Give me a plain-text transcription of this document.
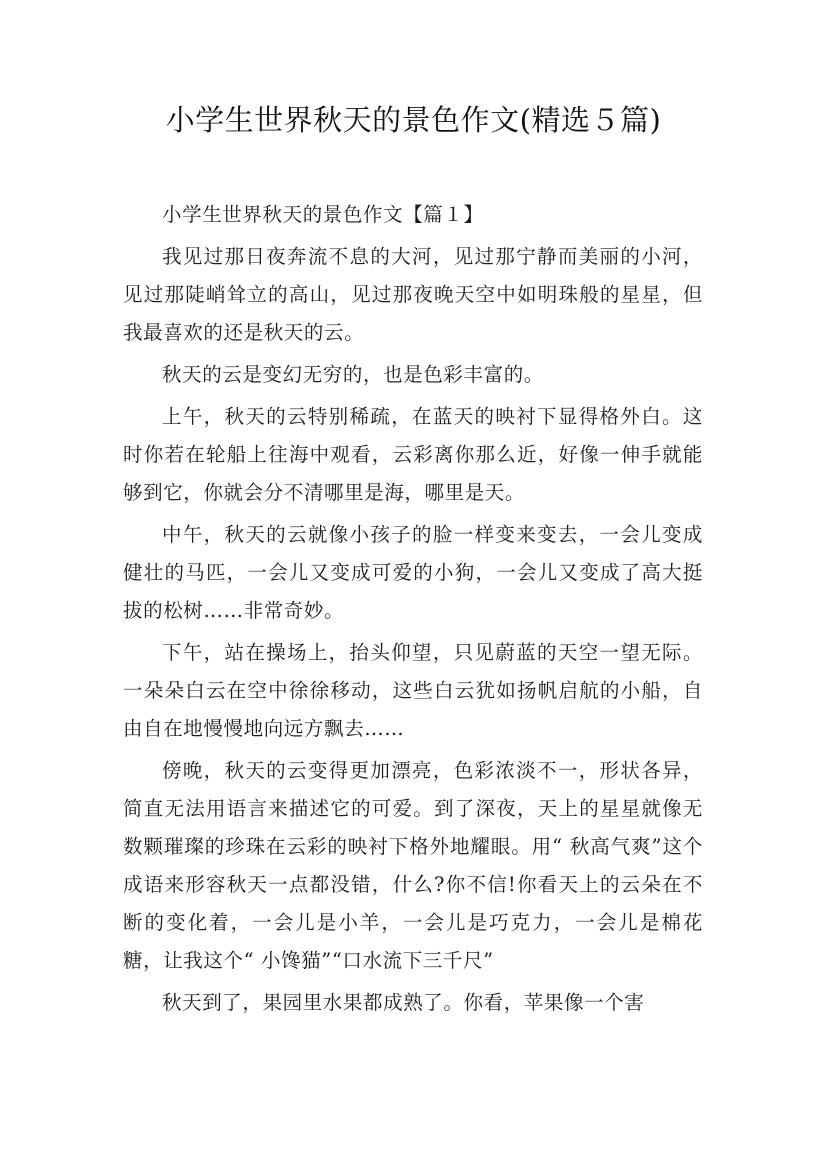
小学生世界秋天的景色作文(精选５篇)
小学生世界秋天的景色作文【篇１】

我见过那日夜奔流不息的大河，见过那宁静而美丽的小河，见过那陡峭耸立的高山，见过那夜晚天空中如明珠般的星星，但我最喜欢的还是秋天的云。

秋天的云是变幻无穷的，也是色彩丰富的。

上午，秋天的云特别稀疏，在蓝天的映衬下显得格外白。这时你若在轮船上往海中观看，云彩离你那么近，好像一伸手就能够到它，你就会分不清哪里是海，哪里是天。

中午，秋天的云就像小孩子的脸一样变来变去，一会儿变成健壮的马匹，一会儿又变成可爱的小狗，一会儿又变成了高大挺拔的松树……非常奇妙。

下午，站在操场上，抬头仰望，只见蔚蓝的天空一望无际。一朵朵白云在空中徐徐移动，这些白云犹如扬帆启航的小船，自由自在地慢慢地向远方飘去……

傍晚，秋天的云变得更加漂亮，色彩浓淡不一，形状各异，简直无法用语言来描述它的可爱。到了深夜，天上的星星就像无数颗璀璨的珍珠在云彩的映衬下格外地耀眼。用“ 秋高气爽”这个成语来形容秋天一点都没错，什么?你不信!你看天上的云朵在不断的变化着，一会儿是小羊，一会儿是巧克力，一会儿是棉花糖，让我这个“ 小馋猫”“口水流下三千尺”

秋天到了，果园里水果都成熟了。你看，苹果像一个害
